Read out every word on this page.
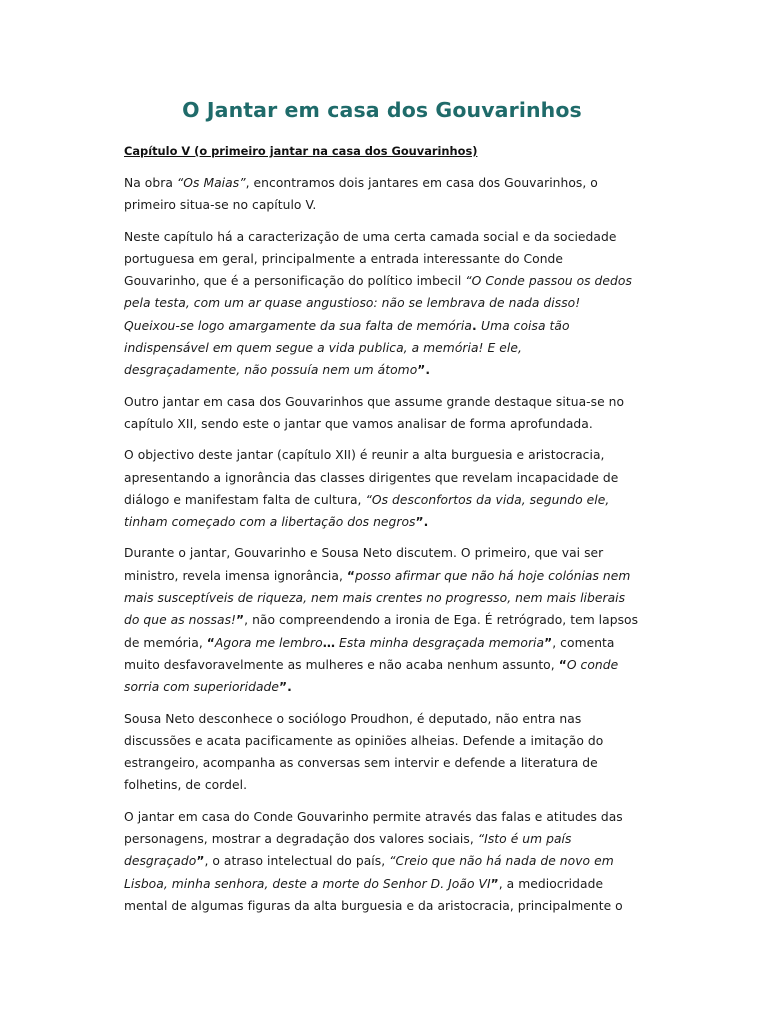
O Jantar em casa dos Gouvarinhos
Capítulo V (o primeiro jantar na casa dos Gouvarinhos)

Na obra “Os Maias”, encontramos dois jantares em casa dos Gouvarinhos, o primeiro situa-se no capítulo V.

Neste capítulo há a caracterização de uma certa camada social e da sociedade portuguesa em geral, principalmente a entrada interessante do Conde Gouvarinho, que é a personificação do político imbecil “O Conde passou os dedos pela testa, com um ar quase angustioso: não se lembrava de nada disso! Queixou-se logo amargamente da sua falta de memória. Uma coisa tão indispensável em quem segue a vida publica, a memória! E ele, desgraçadamente, não possuía nem um átomo”.

Outro jantar em casa dos Gouvarinhos que assume grande destaque situa-se no capítulo XII, sendo este o jantar que vamos analisar de forma aprofundada.

O objectivo deste jantar (capítulo XII) é reunir a alta burguesia e aristocracia, apresentando a ignorância das classes dirigentes que revelam incapacidade de diálogo e manifestam falta de cultura, “Os desconfortos da vida, segundo ele, tinham começado com a libertação dos negros”.

Durante o jantar, Gouvarinho e Sousa Neto discutem. O primeiro, que vai ser ministro, revela imensa ignorância, “posso afirmar que não há hoje colónias nem mais susceptíveis de riqueza, nem mais crentes no progresso, nem mais liberais do que as nossas!”, não compreendendo a ironia de Ega. É retrógrado, tem lapsos de memória, “Agora me lembro… Esta minha desgraçada memoria”, comenta muito desfavoravelmente as mulheres e não acaba nenhum assunto, “O conde sorria com superioridade”.

Sousa Neto desconhece o sociólogo Proudhon, é deputado, não entra nas discussões e acata pacificamente as opiniões alheias. Defende a imitação do estrangeiro, acompanha as conversas sem intervir e defende a literatura de folhetins, de cordel.

O jantar em casa do Conde Gouvarinho permite através das falas e atitudes das personagens, mostrar a degradação dos valores sociais, “Isto é um país desgraçado”, o atraso intelectual do país, “Creio que não há nada de novo em Lisboa, minha senhora, deste a morte do Senhor D. João VI”, a mediocridade mental de algumas figuras da alta burguesia e da aristocracia, principalmente o
